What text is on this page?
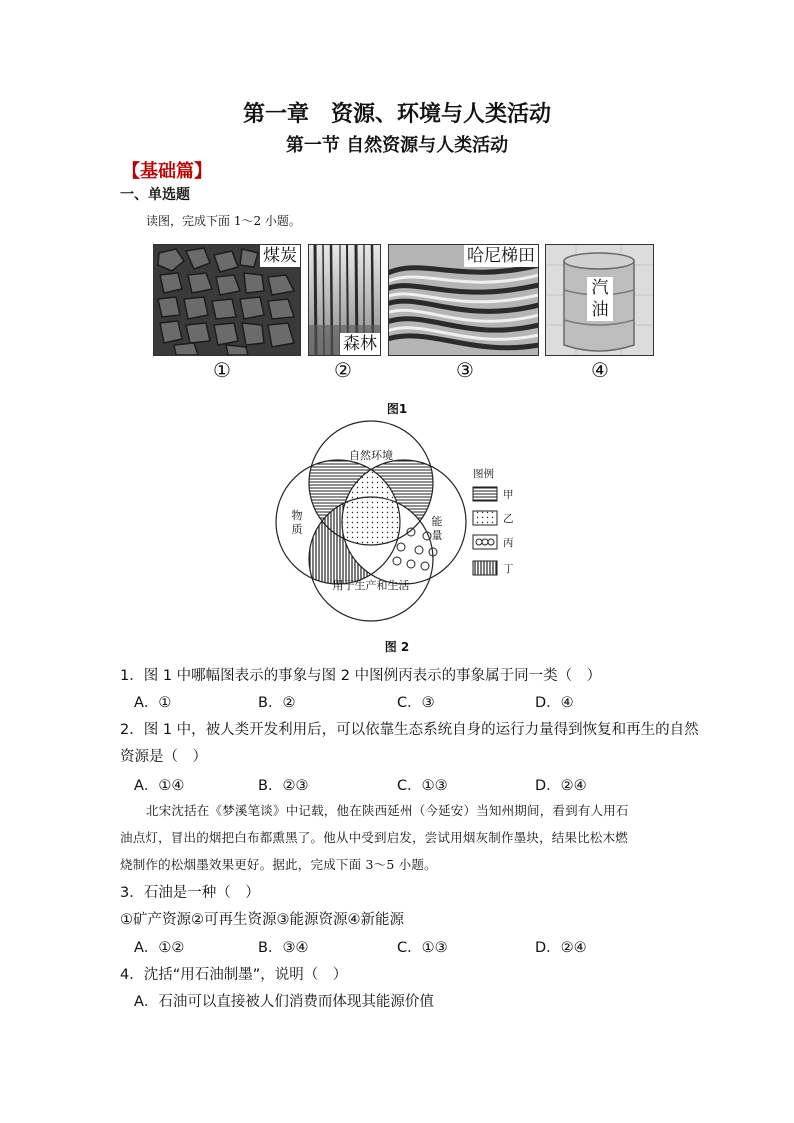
第一章 资源、环境与人类活动
第一节 自然资源与人类活动
【基础篇】
一、单选题
读图，完成下面 1～2 小题。
煤炭
森林
哈尼梯田
汽
油
①	②	③	④
图1
自然环境
物
质
能
量
用于生产和生活
图例
甲
乙
丙
丁
图 2
1．图 1 中哪幅图表示的事象与图 2 中图例丙表示的事象属于同一类（　）
A．①	B．②	C．③	D．④
2．图 1 中，被人类开发利用后，可以依靠生态系统自身的运行力量得到恢复和再生的自然
资源是（　）
A．①④	B．②③	C．①③	D．②④
北宋沈括在《梦溪笔谈》中记载，他在陕西延州（今延安）当知州期间，看到有人用石
油点灯，冒出的烟把白布都熏黑了。他从中受到启发，尝试用烟灰制作墨块，结果比松木燃
烧制作的松烟墨效果更好。据此，完成下面 3～5 小题。
3．石油是一种（　）
①矿产资源②可再生资源③能源资源④新能源
A．①②	B．③④	C．①③	D．②④
4．沈括“用石油制墨”，说明（　）
A．石油可以直接被人们消费而体现其能源价值
